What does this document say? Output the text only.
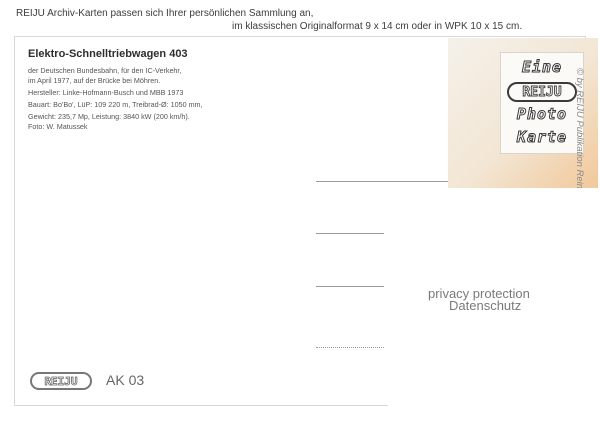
REIJU Archiv-Karten passen sich Ihrer persönlichen Sammlung an,
im klassischen Originalformat 9 x 14 cm oder in WPK 10 x 15 cm.
Eine
REIJU
Photo
Karte
Elektro-Schnelltriebwagen 403
der Deutschen Bundesbahn, für den IC-Verkehr,
im April 1977, auf der Brücke bei Möhren.
Hersteller: Linke-Hofmann-Busch und MBB 1973
Bauart: Bo'Bo', LüP: 109 220 m, Treibrad-Ø: 1050 mm,
Gewicht: 235,7 Mp, Leistung: 3840 kW (200 km/h).
Foto: W. Matussek
privacy protection
Datenschutz
REIJU	AK 03
